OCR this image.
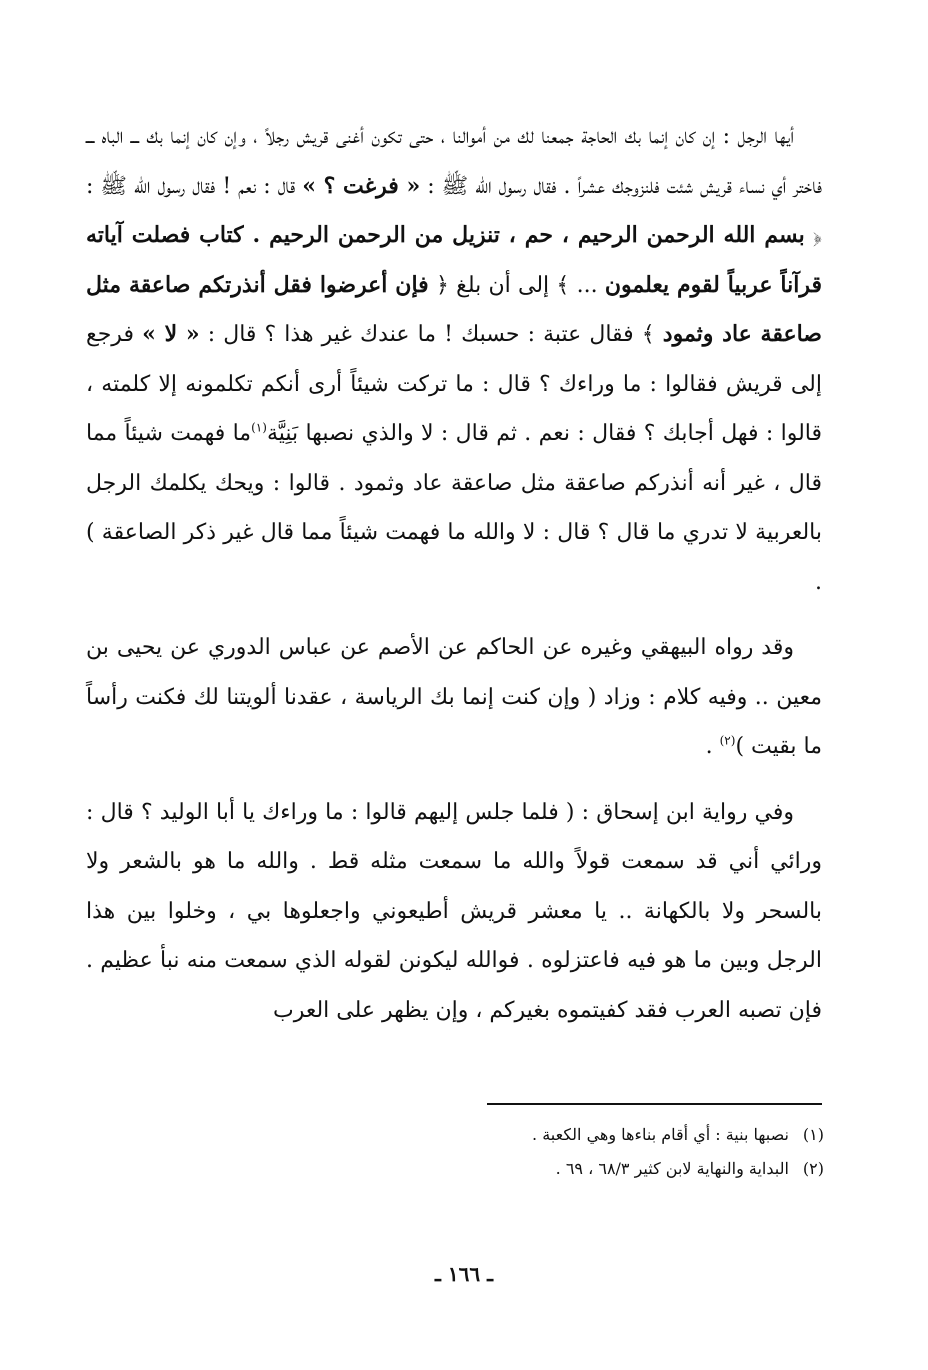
أيها الرجل : إن كان إنما بك الحاجة جمعنا لك من أموالنا ، حتى تكون أغنى قريش رجلاً ، وإن كان إنما بك ـــ الباه ـــ فاختر أي نساء قريش شئت فلنزوجك عشراً . فقال رسول الله ﷺ : « فرغت ؟ » قال : نعم ! فقال رسول الله ﷺ : ﴿ بسم الله الرحمن الرحيم ، حم ، تنزيل من الرحمن الرحيم . كتاب فصلت آياته قرآناً عربياً لقوم يعلمون ... ﴾ إلى أن بلغ ﴿ فإن أعرضوا فقل أنذرتكم صاعقة مثل صاعقة عاد وثمود ﴾ فقال عتبة : حسبك ! ما عندك غير هذا ؟ قال : « لا » فرجع إلى قريش فقالوا : ما وراءك ؟ قال : ما تركت شيئاً أرى أنكم تكلمونه إلا كلمته ، قالوا : فهل أجابك ؟ فقال : نعم . ثم قال : لا والذي نصبها بَنِيَّة$^{(١)}$ما فهمت شيئاً مما قال ، غير أنه أنذركم صاعقة مثل صاعقة عاد وثمود . قالوا : ويحك يكلمك الرجل بالعربية لا تدري ما قال ؟ قال : لا والله ما فهمت شيئاً مما قال غير ذكر الصاعقة ) .

وقد رواه البيهقي وغيره عن الحاكم عن الأصم عن عباس الدوري عن يحيى بن معين .. وفيه كلام : وزاد ( وإن كنت إنما بك الرياسة ، عقدنا ألويتنا لك فكنت رأساً ما بقيت )$^{(٢)}$ .

وفي رواية ابن إسحاق : ( فلما جلس إليهم قالوا : ما وراءك يا أبا الوليد ؟ قال : ورائي أني قد سمعت قولاً والله ما سمعت مثله قط . والله ما هو بالشعر ولا بالسحر ولا بالكهانة .. يا معشر قريش أطيعوني واجعلوها بي ، وخلوا بين هذا الرجل وبين ما هو فيه فاعتزلوه . فوالله ليكونن لقوله الذي سمعت منه نبأ عظيم . فإن تصبه العرب فقد كفيتموه بغيركم ، وإن يظهر على العرب

(١)
نصبها بنية : أي أقام بناءها وهي الكعبة .
(٢)
البداية والنهاية لابن كثير ٦٨/٣ ، ٦٩ .
ـ ١٦٦ ـ
